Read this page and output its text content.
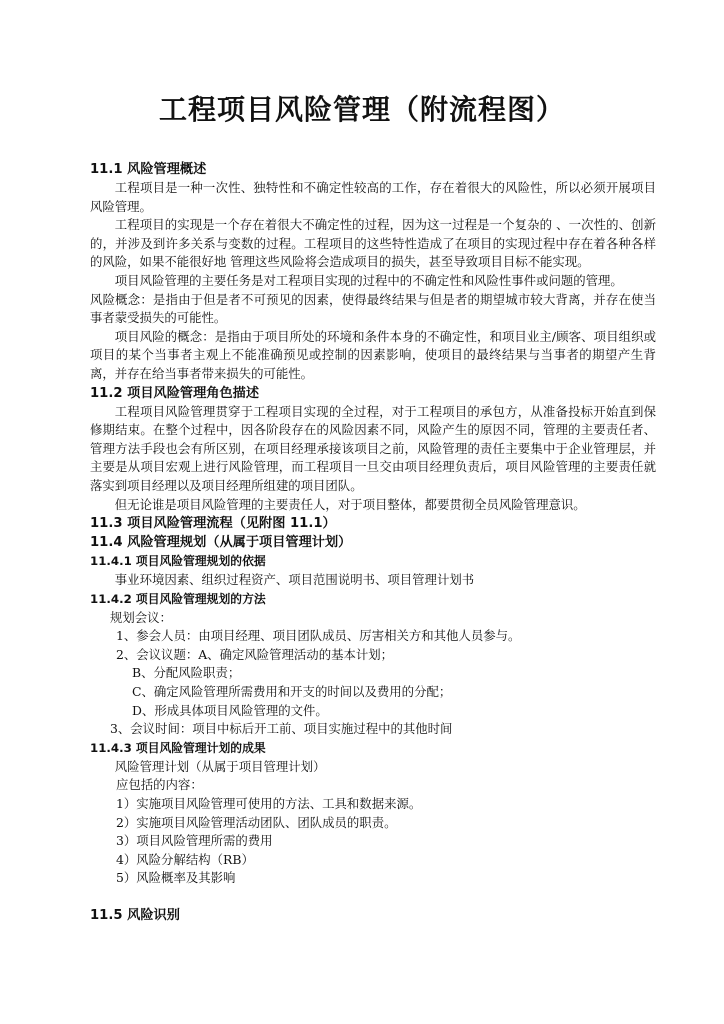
工程项目风险管理（附流程图）

11.1 风险管理概述

工程项目是一种一次性、独特性和不确定性较高的工作，存在着很大的风险性，所以必须开展项目风险管理。

工程项目的实现是一个存在着很大不确定性的过程，因为这一过程是一个复杂的 、一次性的、创新的，并涉及到许多关系与变数的过程。工程项目的这些特性造成了在项目的实现过程中存在着各种各样的风险，如果不能很好地 管理这些风险将会造成项目的损失，甚至导致项目目标不能实现。

项目风险管理的主要任务是对工程项目实现的过程中的不确定性和风险性事件或问题的管理。

风险概念：是指由于但是者不可预见的因素，使得最终结果与但是者的期望城市较大背离，并存在使当事者蒙受损失的可能性。

项目风险的概念：是指由于项目所处的环境和条件本身的不确定性，和项目业主/顾客、项目组织或项目的某个当事者主观上不能准确预见或控制的因素影响，使项目的最终结果与当事者的期望产生背离，并存在给当事者带来损失的可能性。

11.2 项目风险管理角色描述

工程项目风险管理贯穿于工程项目实现的全过程，对于工程项目的承包方，从准备投标开始直到保修期结束。在整个过程中，因各阶段存在的风险因素不同，风险产生的原因不同，管理的主要责任者、管理方法手段也会有所区别，在项目经理承接该项目之前，风险管理的责任主要集中于企业管理层，并主要是从项目宏观上进行风险管理，而工程项目一旦交由项目经理负责后，项目风险管理的主要责任就落实到项目经理以及项目经理所组建的项目团队。

但无论谁是项目风险管理的主要责任人，对于项目整体，都要贯彻全员风险管理意识。

11.3 项目风险管理流程（见附图 11.1）

11.4 风险管理规划（从属于项目管理计划）

11.4.1 项目风险管理规划的依据

事业环境因素、组织过程资产、项目范围说明书、项目管理计划书

11.4.2 项目风险管理规划的方法

规划会议：

1、参会人员：由项目经理、项目团队成员、厉害相关方和其他人员参与。

2、会议议题：A、确定风险管理活动的基本计划；

B、分配风险职责；

C、确定风险管理所需费用和开支的时间以及费用的分配；

D、形成具体项目风险管理的文件。

3、会议时间：项目中标后开工前、项目实施过程中的其他时间

11.4.3 项目风险管理计划的成果

风险管理计划（从属于项目管理计划）

应包括的内容：

1）实施项目风险管理可使用的方法、工具和数据来源。

2）实施项目风险管理活动团队、团队成员的职责。

3）项目风险管理所需的费用

4）风险分解结构（RB）

5）风险概率及其影响

11.5 风险识别
